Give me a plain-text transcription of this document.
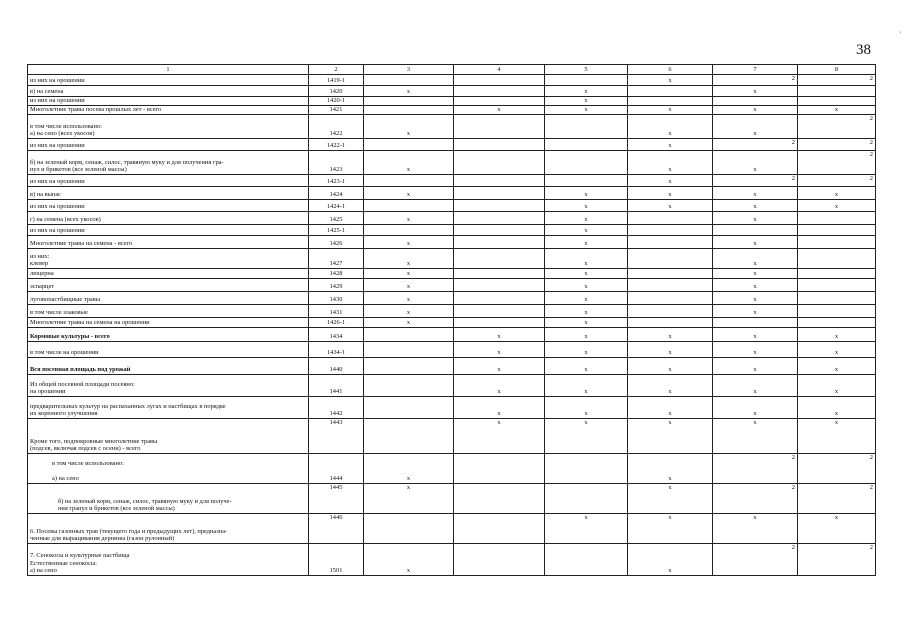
38
'
1	2	3	4	5	6	7	8
из них на орошении	1419-1				x	2	2
в) на семена	1420	x		x		x	
из них на орошении	1420-1			x			
Многолетние травы посева прошлых лет - всего	1421		x	x	x	x	x
в том числе использовано:
а) на сено (всех укосов)	1422	x			x	x	2
из них на орошении	1422-1				x	2	2
б) на зеленый корм, сенаж, силос, травяную муку и для получения гра-
нул и брикетов (все зеленой массы)	1423	x			x	x	2
из них на орошении	1423-1				x	2	2
в) на выпас	1424	x		x	x	x	x
из них на орошении	1424-1			x	x	x	x
г) на семена (всех укосов)	1425	x		x		x	
из них на орошении	1425-1			x			
Многолетние травы на семена - всего	1426	x		x		x	
из них:
клевер	1427	x		x		x	
люцерна	1428	x		x		x	
эспарцет	1429	x		x		x	
луговопастбищные травы	1430	x		x		x	
в том числе злаковые	1431	x		x		x	
Многолетние травы на семена на орошении	1426-1	x		x			
Кормовые культуры - всего	1434		x	x	x	x	x
в том числе на орошении	1434-1		x	x	x	x	x
Вся посевная площадь под урожай	1440		x	x	x	x	x
Из общей посевной площади посеяно:
на орошении	1441		x	x	x	x	x
предварительных культур на распаханных лугах и пастбищах в порядке
их коренного улучшения	1442		x	x	x	x	x
Кроме того, подпокровные многолетние травы
(подсев, включая подсев с осени) - всего	1443		x	x	x	x	x
в том числе использовано:

а) на сено	1444	x			x	2	2
б) на зеленый корм, сенаж, силос, травяную муку и для получе-
ния гранул и брикетов (все зеленой массы)	1445	x			x	2	2
6. Посевы газонных трав (текущего года и предыдущих лет), предназна-
ченные для выращивания дернины (газон рулонный)	1446			x	x	x	x
7. Сенокосы и культурные пастбища
Естественные сенокосы:
а) на сено	1501	x			x	2	2
